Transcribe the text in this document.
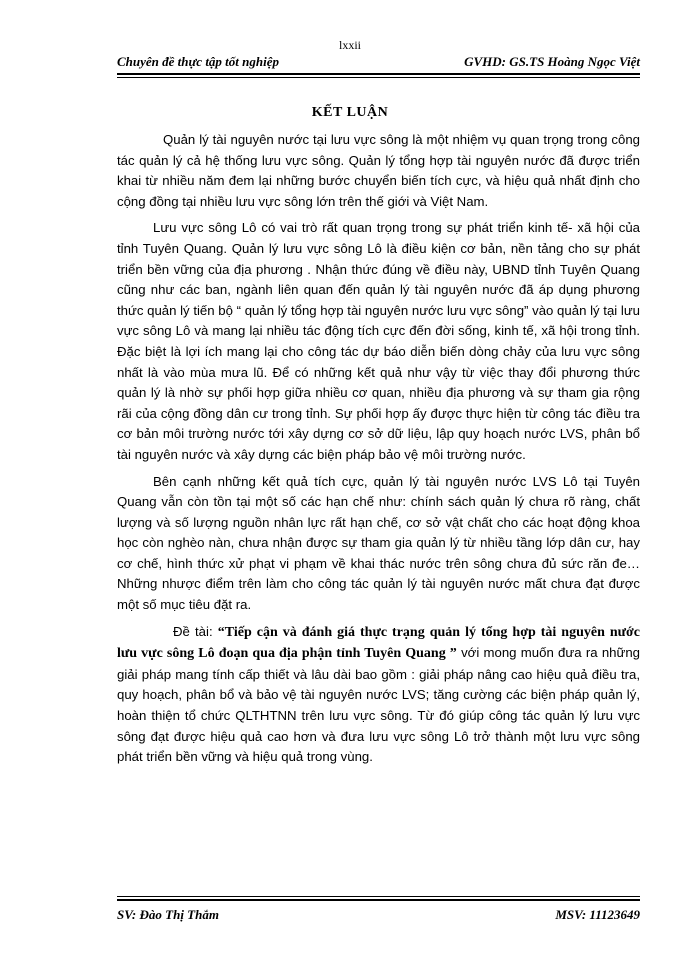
lxxii
Chuyên đề thực tập tốt nghiệp	GVHD: GS.TS Hoàng Ngọc Việt
KẾT LUẬN

Quản lý tài nguyên nước tại lưu vực sông là một nhiệm vụ quan trọng trong công tác quản lý cả hệ thống lưu vực sông. Quản lý tổng hợp tài nguyên nước đã được triển khai từ nhiều năm đem lại những bước chuyển biến tích cực, và hiệu quả nhất định cho cộng đồng tại nhiều lưu vực sông lớn trên thế giới và Việt Nam.

Lưu vực sông Lô có vai trò rất quan trọng trong sự phát triển kinh tế- xã hội của tỉnh Tuyên Quang. Quản lý lưu vực sông Lô là điều kiện cơ bản, nền tảng cho sự phát triển bền vững của địa phương . Nhận thức đúng về điều này, UBND tỉnh Tuyên Quang cũng như các ban, ngành liên quan đến quản lý tài nguyên nước đã áp dụng phương thức quản lý tiến bộ “ quản lý tổng hợp tài nguyên nước lưu vực sông” vào quản lý tại lưu vực sông Lô và mang lại nhiều tác động tích cực đến đời sống, kinh tế, xã hội trong tỉnh. Đặc biệt là lợi ích mang lại cho công tác dự báo diễn biến dòng chảy của lưu vực sông nhất là vào mùa mưa lũ. Để có những kết quả như vậy từ việc thay đổi phương thức quản lý là nhờ sự phối hợp giữa nhiều cơ quan, nhiều địa phương và sự tham gia rộng rãi của cộng đồng dân cư trong tỉnh. Sự phối hợp ấy được thực hiện từ công tác điều tra cơ bản môi trường nước tới xây dựng cơ sở dữ liệu, lập quy hoạch nước LVS, phân bổ tài nguyên nước và xây dựng các biện pháp bảo vệ môi trường nước.

Bên cạnh những kết quả tích cực, quản lý tài nguyên nước LVS Lô tại Tuyên Quang vẫn còn tồn tại một số các hạn chế như: chính sách quản lý chưa rõ ràng, chất lượng và số lượng nguồn nhân lực rất hạn chế, cơ sở vật chất cho các hoạt động khoa học còn nghèo nàn, chưa nhận được sự tham gia quản lý từ nhiều tầng lớp dân cư, hay cơ chế, hình thức xử phạt vi phạm về khai thác nước trên sông chưa đủ sức răn đe… Những nhược điểm trên làm cho công tác quản lý tài nguyên nước mất chưa đạt được một số mục tiêu đặt ra.

Đề tài: “Tiếp cận và đánh giá thực trạng quản lý tổng hợp tài nguyên nước lưu vực sông Lô đoạn qua địa phận tỉnh Tuyên Quang ” với mong muốn đưa ra những giải pháp mang tính cấp thiết và lâu dài bao gồm : giải pháp nâng cao hiệu quả điều tra, quy hoạch, phân bổ và bảo vệ tài nguyên nước LVS; tăng cường các biện pháp quản lý, hoàn thiện tổ chức QLTHTNN trên lưu vực sông. Từ đó giúp công tác quản lý lưu vực sông đạt được hiệu quả cao hơn và đưa lưu vực sông Lô trở thành một lưu vực sông phát triển bền vững và hiệu quả trong vùng.

SV: Đào Thị Thắm	MSV: 11123649
